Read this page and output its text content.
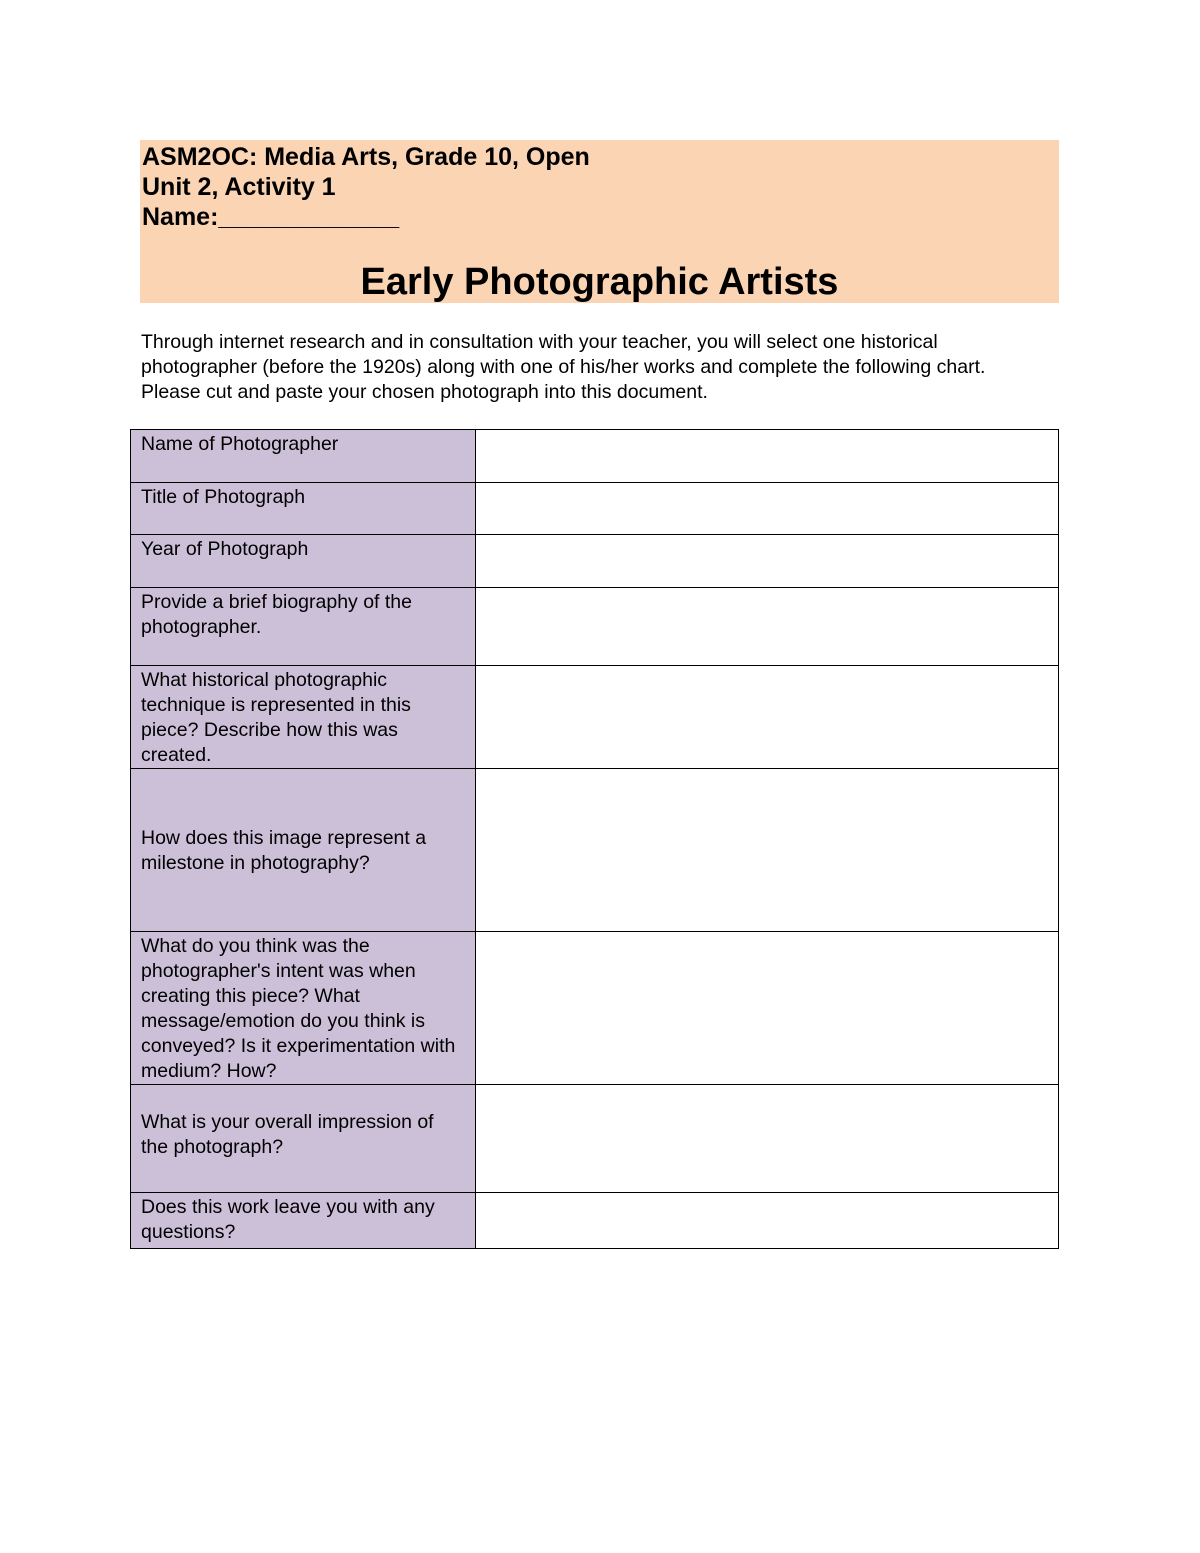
ASM2OC: Media Arts, Grade 10, Open
Unit 2, Activity 1
Name:_____________
Early Photographic Artists

Through internet research and in consultation with your teacher, you will select one historical photographer (before the 1920s) along with one of his/her works and complete the following chart. Please cut and paste your chosen photograph into this document.

Name of Photographer	

Title of Photograph	

Year of Photograph	

Provide a brief biography of the photographer.	

What historical photographic technique is represented in this piece? Describe how this was created.	

How does this image represent a milestone in photography?	

What do you think was the photographer's intent was when creating this piece? What message/emotion do you think is conveyed? Is it experimentation with medium? How?	

What is your overall impression of the photograph?	

Does this work leave you with any questions?	
